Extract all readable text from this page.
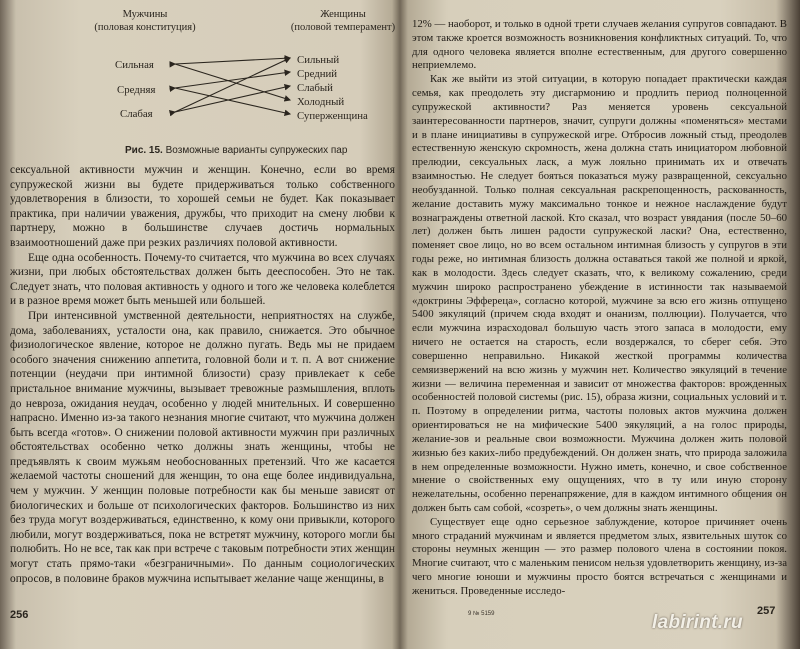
Мужчины
(половая конституция)
Женщины
(половой темперамент)
Сильная
Средняя
Слабая
Сильный
Средний
Слабый
Холодный
Суперженщина
Рис. 15. Возможные варианты супружеских пар

сексуальной активности мужчин и женщин. Конечно, если во время супружеской жизни вы будете придерживаться только собственного удовлетворения в близости, то хорошей семьи не будет. Как показывает практика, при наличии уважения, дружбы, что приходит на смену любви к партнеру, можно в большинстве случаев достичь нормальных взаимоотношений даже при резких различиях половой активности.

Еще одна особенность. Почему-то считается, что мужчина во всех случаях жизни, при любых обстоятельствах должен быть дееспособен. Это не так. Следует знать, что половая активность у одного и того же человека колеблется и в разное время может быть меньшей или большей.

При интенсивной умственной деятельности, неприятностях на службе, дома, заболеваниях, усталости она, как правило, снижается. Это обычное физиологическое явление, которое не должно пугать. Ведь мы не придаем особого значения снижению аппетита, головной боли и т. п. А вот снижение потенции (неудачи при интимной близости) сразу привлекает к себе пристальное внимание мужчины, вызывает тревожные размышления, вплоть до невроза, ожидания неудач, особенно у людей мнительных. И совершенно напрасно. Именно из-за такого незнания многие считают, что мужчина должен быть всегда «готов». О снижении половой активности мужчин при различных обстоятельствах особенно четко должны знать женщины, чтобы не предъявлять к своим мужьям необоснованных претензий. Что же касается желаемой частоты сношений для женщин, то она еще более индивидуальна, чем у мужчин. У женщин половые потребности как бы меньше зависят от биологических и больше от психологических факторов. Большинство из них без труда могут воздерживаться, единственно, к кому они привыкли, которого любили, могут воздерживаться, пока не встретят мужчину, которого могли бы полюбить. Но не все, так как при встрече с таковым потребности этих женщин могут стать прямо-таки «безграничными». По данным социологических опросов, в половине браков мужчина испытывает желание чаще женщины, в

256

12% — наоборот, и только в одной трети случаев желания супругов совпадают. В этом также кроется возможность возникновения конфликтных ситуаций. То, что для одного человека является вполне естественным, для другого совершенно неприемлемо.

Как же выйти из этой ситуации, в которую попадает практически каждая семья, как преодолеть эту дисгармонию и продлить период полноценной супружеской активности? Раз меняется уровень сексуальной заинтересованности партнеров, значит, супруги должны «поменяться» местами и в плане инициативы в супружеской игре. Отбросив ложный стыд, преодолев естественную женскую скромность, жена должна стать инициатором любовной прелюдии, сексуальных ласк, а муж лояльно принимать их и отвечать взаимностью. Не следует бояться показаться мужу развращенной, сексуально необузданной. Только полная сексуальная раскрепощенность, раскованность, желание доставить мужу максимально тонкое и нежное наслаждение будут вознаграждены ответной лаской. Кто сказал, что возраст увядания (после 50–60 лет) должен быть лишен радости супружеской ласки? Она, естественно, поменяет свое лицо, но во всем остальном интимная близость у супругов в эти годы реже, но интимная близость должна оставаться такой же полной и яркой, как в молодости. Здесь следует сказать, что, к великому сожалению, среди мужчин широко распространено убеждение в истинности так называемой «доктрины Эффереца», согласно которой, мужчине за всю его жизнь отпущено 5400 эякуляций (причем сюда входят и онанизм, поллюции). Получается, что если мужчина израсходовал большую часть этого запаса в молодости, ему ничего не остается на старость, если воздержался, то сберег себя. Это совершенно неправильно. Никакой жесткой программы количества семяизвержений на всю жизнь у мужчин нет. Количество эякуляций в течение жизни — величина переменная и зависит от множества факторов: врожденных особенностей половой системы (рис. 15), образа жизни, социальных условий и т. п. Поэтому в определении ритма, частоты половых актов мужчина должен ориентироваться не на мифические 5400 эякуляций, а на голос природы, желание-зов и реальные свои возможности. Мужчина должен жить половой жизнью без каких-либо предубеждений. Он должен знать, что природа заложила в нем определенные возможности. Нужно иметь, конечно, и свое собственное мнение о свойственных ему ощущениях, что в ту или иную сторону нежелательны, особенно перенапряжение, для в каждом интимного общения он должен быть сам собой, «созреть», о чем должны знать женщины.

Существует еще одно серьезное заблуждение, которое причиняет очень много страданий мужчинам и является предметом злых, язвительных шуток со стороны неумных женщин — это размер полового члена в состоянии покоя. Многие считают, что с маленьким пенисом нельзя удовлетворить женщину, из-за чего многие юноши и мужчины просто боятся встречаться с женщинами и жениться. Проведенные исследо-

257
9 № 5159	labirint.ru
